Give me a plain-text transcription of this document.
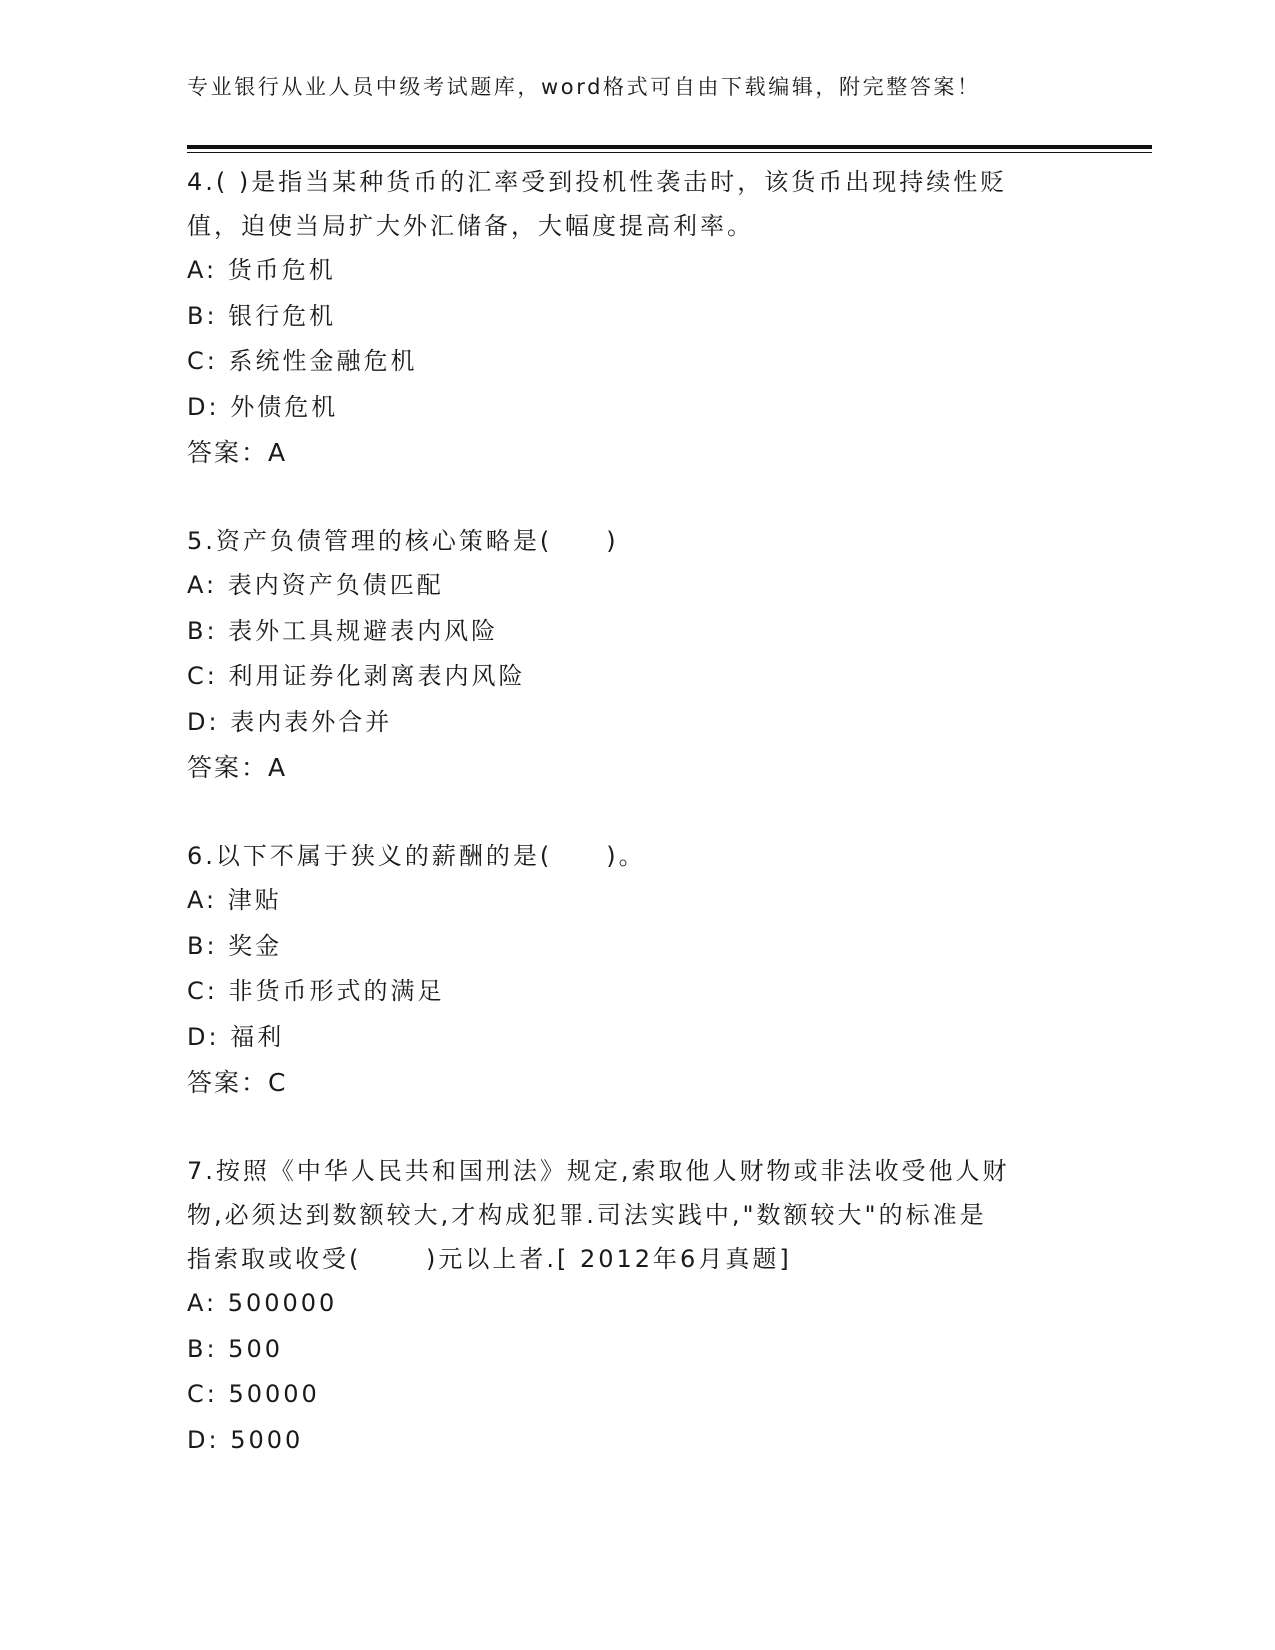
专业银行从业人员中级考试题库，word格式可自由下载编辑，附完整答案！
4.( )是指当某种货币的汇率受到投机性袭击时，该货币出现持续性贬
值，迫使当局扩大外汇储备，大幅度提高利率。
A: 货币危机
B: 银行危机
C: 系统性金融危机
D: 外债危机
答案：A
5.资产负债管理的核心策略是(　　)
A: 表内资产负债匹配
B: 表外工具规避表内风险
C: 利用证券化剥离表内风险
D: 表内表外合并
答案：A
6.以下不属于狭义的薪酬的是(　　)。
A: 津贴
B: 奖金
C: 非货币形式的满足
D: 福利
答案：C
7.按照《中华人民共和国刑法》规定,索取他人财物或非法收受他人财
物,必须达到数额较大,才构成犯罪.司法实践中,"数额较大"的标准是
指索取或收受(　　 )元以上者.[ 2012年6月真题]
A: 500000
B: 500
C: 50000
D: 5000
